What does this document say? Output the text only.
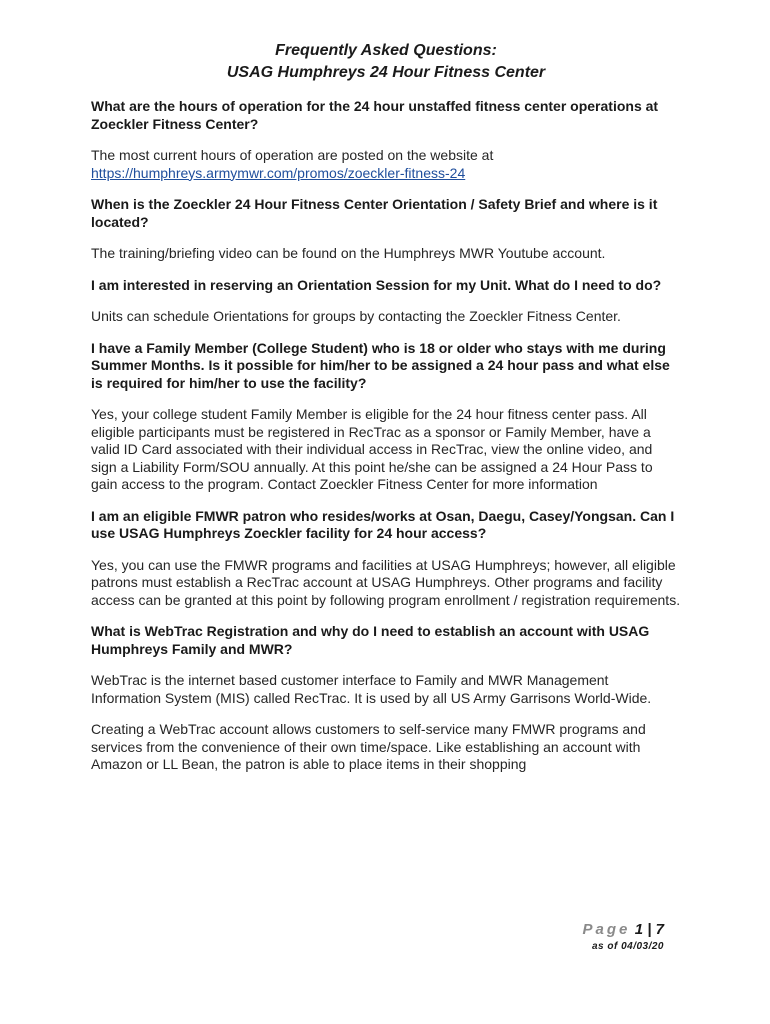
Frequently Asked Questions:

USAG Humphreys 24 Hour Fitness Center

What are the hours of operation for the 24 hour unstaffed fitness center operations at Zoeckler Fitness Center?

The most current hours of operation are posted on the website at
https://humphreys.armymwr.com/promos/zoeckler-fitness-24

When is the Zoeckler 24 Hour Fitness Center Orientation / Safety Brief and where is it located?

The training/briefing video can be found on the Humphreys MWR Youtube account.

I am interested in reserving an Orientation Session for my Unit. What do I need to do?

Units can schedule Orientations for groups by contacting the Zoeckler Fitness Center.

I have a Family Member (College Student) who is 18 or older who stays with me during Summer Months. Is it possible for him/her to be assigned a 24 hour pass and what else is required for him/her to use the facility?

Yes, your college student Family Member is eligible for the 24 hour fitness center pass. All eligible participants must be registered in RecTrac as a sponsor or Family Member, have a valid ID Card associated with their individual access in RecTrac, view the online video, and sign a Liability Form/SOU annually. At this point he/she can be assigned a 24 Hour Pass to gain access to the program. Contact Zoeckler Fitness Center for more information

I am an eligible FMWR patron who resides/works at Osan, Daegu, Casey/Yongsan. Can I use USAG Humphreys Zoeckler facility for 24 hour access?

Yes, you can use the FMWR programs and facilities at USAG Humphreys; however, all eligible patrons must establish a RecTrac account at USAG Humphreys. Other programs and facility access can be granted at this point by following program enrollment / registration requirements.

What is WebTrac Registration and why do I need to establish an account with USAG Humphreys Family and MWR?

WebTrac is the internet based customer interface to Family and MWR Management Information System (MIS) called RecTrac. It is used by all US Army Garrisons World-Wide.

Creating a WebTrac account allows customers to self-service many FMWR programs and services from the convenience of their own time/space. Like establishing an account with Amazon or LL Bean, the patron is able to place items in their shopping

Page 1 | 7
as of 04/03/20
